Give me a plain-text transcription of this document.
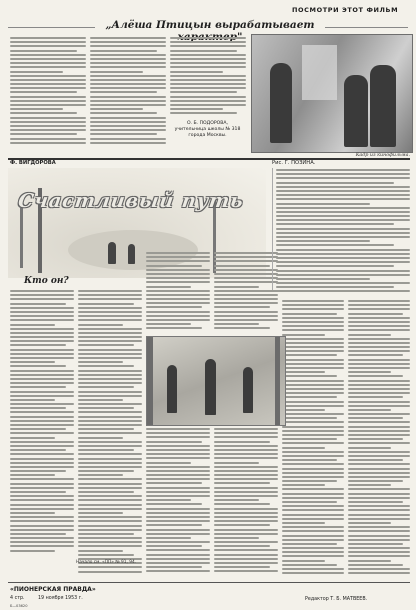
ПОСМОТРИ ЭТОТ ФИЛЬМ
„Алёша Птицын вырабатывает
О. Б. ПОДОРОВА,
учительница школы № 318
города Москвы.
Кадр из кинофильма.
Ф. ВИГДОРОВА	Рис. Г. ПОЗИНА.
Счастливый путь
Кто он?
Начало см. «ПП» № 91, 94.
«ПИОНЕРСКАЯ ПРАВДА»
4 стр.	19 ноября 1953 г.
Б—03620
Редактор Т. Б. МАТВЕЕВ.
